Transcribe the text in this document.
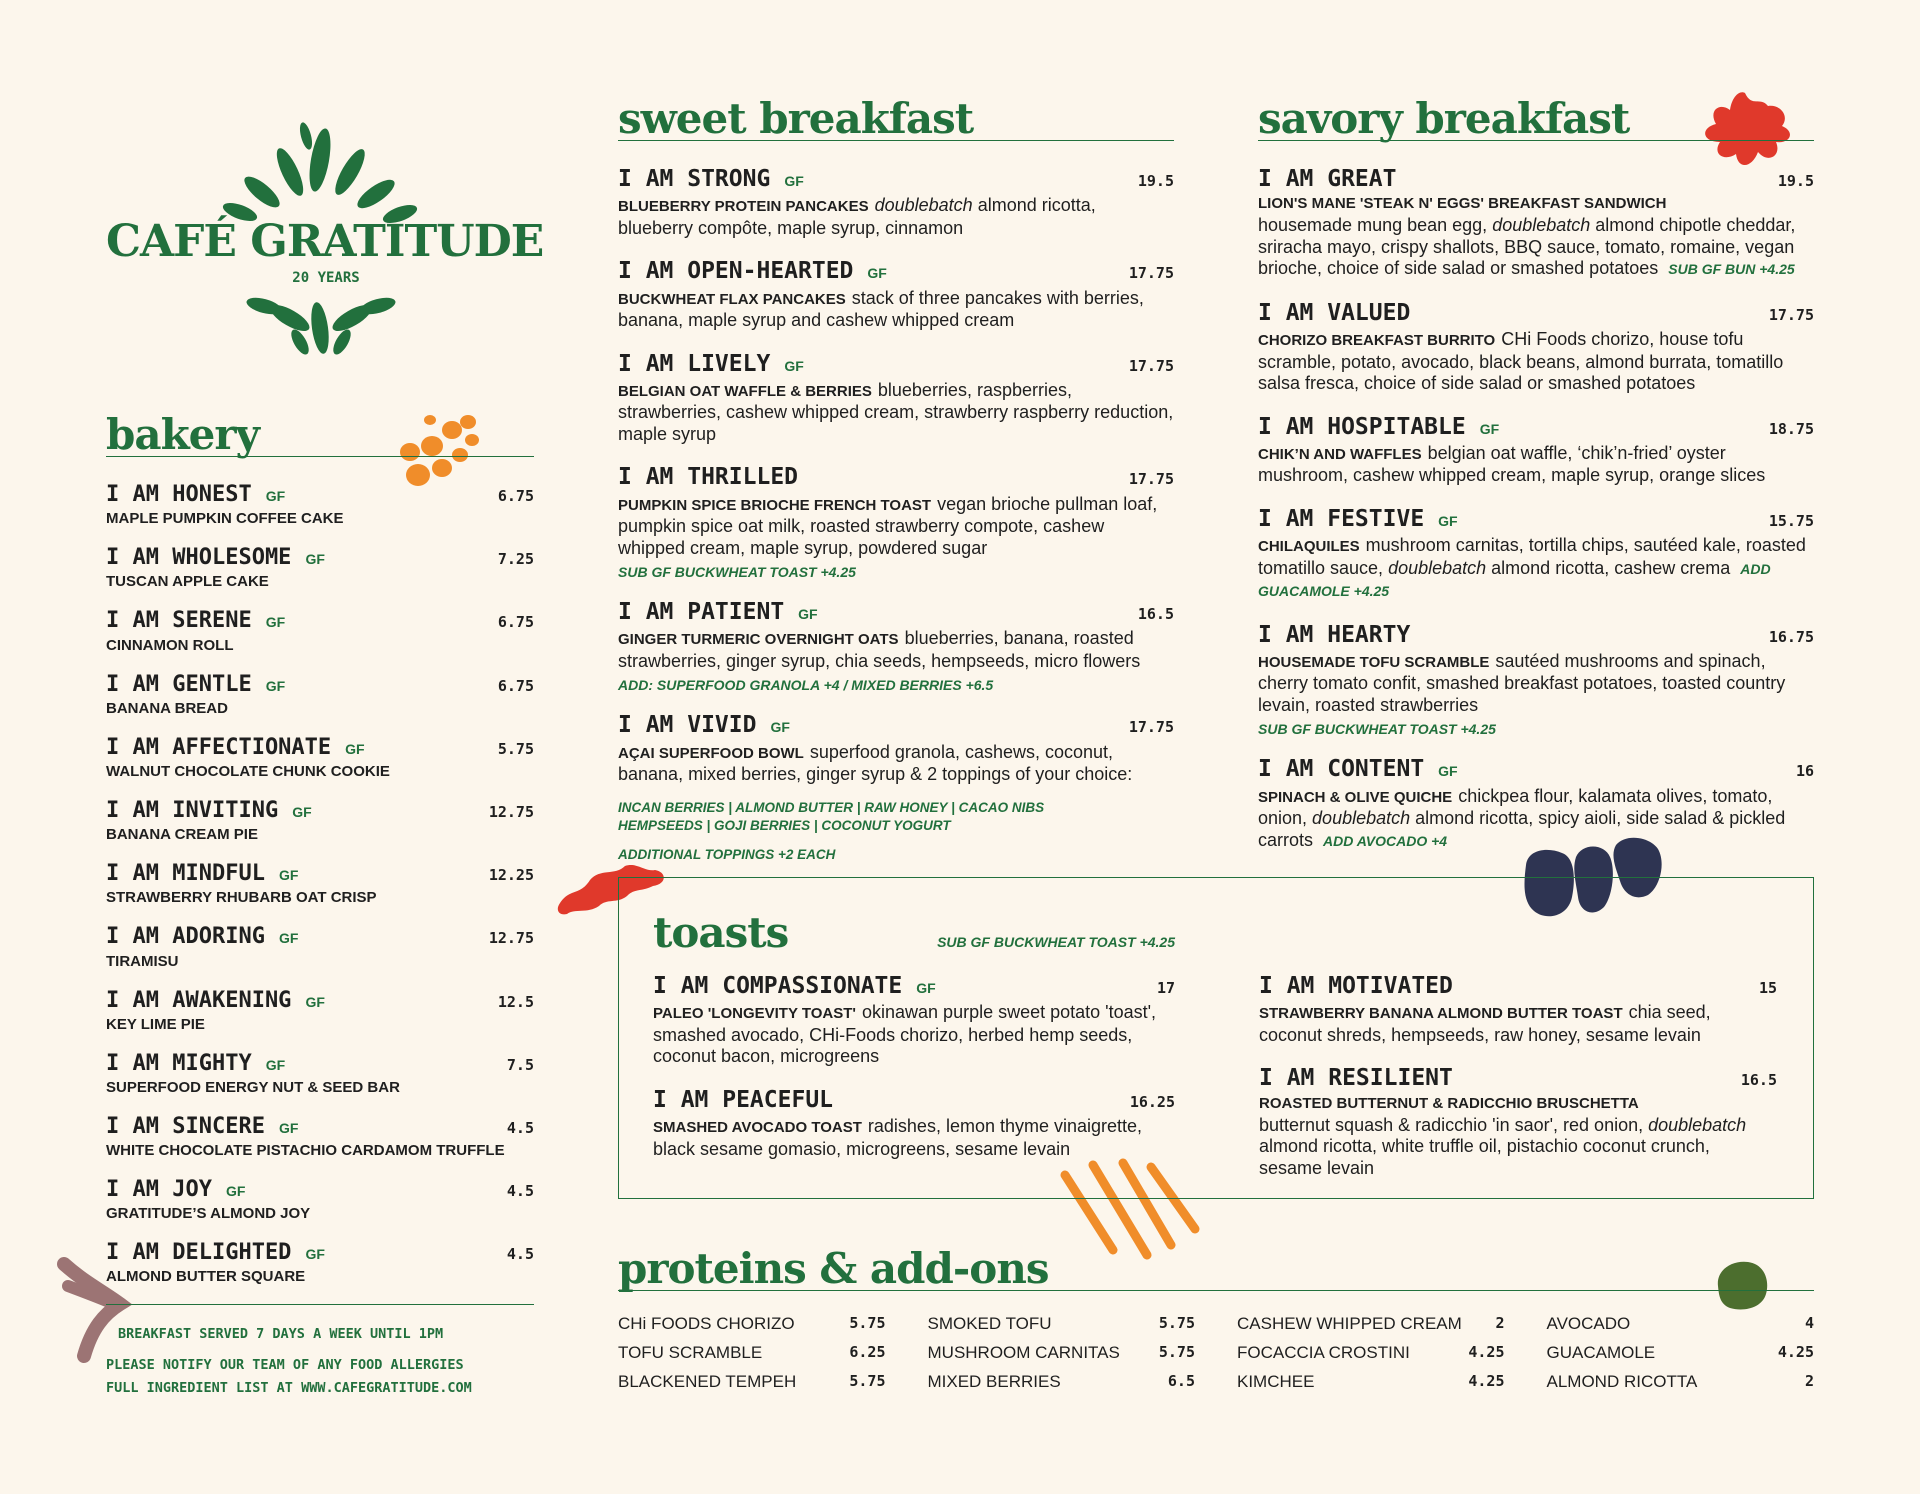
CAFÉ GRATITUDE
20 YEARS
bakery
I AM HONEST GF	6.75
MAPLE PUMPKIN COFFEE CAKE
I AM WHOLESOME GF	7.25
TUSCAN APPLE CAKE
I AM SERENE GF	6.75
CINNAMON ROLL
I AM GENTLE GF	6.75
BANANA BREAD
I AM AFFECTIONATE GF	5.75
WALNUT CHOCOLATE CHUNK COOKIE
I AM INVITING GF	12.75
BANANA CREAM PIE
I AM MINDFUL GF	12.25
STRAWBERRY RHUBARB OAT CRISP
I AM ADORING GF	12.75
TIRAMISU
I AM AWAKENING GF	12.5
KEY LIME PIE
I AM MIGHTY GF	7.5
SUPERFOOD ENERGY NUT & SEED BAR
I AM SINCERE GF	4.5
WHITE CHOCOLATE PISTACHIO CARDAMOM TRUFFLE
I AM JOY GF	4.5
GRATITUDE’S ALMOND JOY
I AM DELIGHTED GF	4.5
ALMOND BUTTER SQUARE
BREAKFAST SERVED 7 DAYS A WEEK UNTIL 1PM
PLEASE NOTIFY OUR TEAM OF ANY FOOD ALLERGIES
FULL INGREDIENT LIST AT WWW.CAFEGRATITUDE.COM
sweet breakfast
I AM STRONG GF	19.5
BLUEBERRY PROTEIN PANCAKES doublebatch almond ricotta, blueberry compôte, maple syrup, cinnamon
I AM OPEN-HEARTED GF	17.75
BUCKWHEAT FLAX PANCAKES stack of three pancakes with berries, banana, maple syrup and cashew whipped cream
I AM LIVELY GF	17.75
BELGIAN OAT WAFFLE & BERRIES blueberries, raspberries, strawberries, cashew whipped cream, strawberry raspberry reduction, maple syrup
I AM THRILLED	17.75
PUMPKIN SPICE BRIOCHE FRENCH TOAST vegan brioche pullman loaf, pumpkin spice oat milk, roasted strawberry compote, cashew whipped cream, maple syrup, powdered sugar
SUB GF BUCKWHEAT TOAST +4.25
I AM PATIENT GF	16.5
GINGER TURMERIC OVERNIGHT OATS blueberries, banana, roasted strawberries, ginger syrup, chia seeds, hempseeds, micro flowers
ADD: SUPERFOOD GRANOLA +4 / MIXED BERRIES +6.5
I AM VIVID GF	17.75
AÇAI SUPERFOOD BOWL superfood granola, cashews, coconut, banana, mixed berries, ginger syrup & 2 toppings of your choice:
INCAN BERRIES | ALMOND BUTTER | RAW HONEY | CACAO NIBS
HEMPSEEDS | GOJI BERRIES | COCONUT YOGURT
ADDITIONAL TOPPINGS +2 EACH
savory breakfast
I AM GREAT	19.5
LION'S MANE 'STEAK N' EGGS' BREAKFAST SANDWICH
housemade mung bean egg, doublebatch almond chipotle cheddar, sriracha mayo, crispy shallots, BBQ sauce, tomato, romaine, vegan brioche, choice of side salad or smashed potatoes SUB GF BUN +4.25
I AM VALUED	17.75
CHORIZO BREAKFAST BURRITO CHi Foods chorizo, house tofu scramble, potato, avocado, black beans, almond burrata, tomatillo salsa fresca, choice of side salad or smashed potatoes
I AM HOSPITABLE GF	18.75
CHIK’N AND WAFFLES belgian oat waffle, ‘chik’n-fried’ oyster mushroom, cashew whipped cream, maple syrup, orange slices
I AM FESTIVE GF	15.75
CHILAQUILES mushroom carnitas, tortilla chips, sautéed kale, roasted tomatillo sauce, doublebatch almond ricotta, cashew crema ADD GUACAMOLE +4.25
I AM HEARTY	16.75
HOUSEMADE TOFU SCRAMBLE sautéed mushrooms and spinach, cherry tomato confit, smashed breakfast potatoes, toasted country levain, roasted strawberries
SUB GF BUCKWHEAT TOAST +4.25
I AM CONTENT GF	16
SPINACH & OLIVE QUICHE chickpea flour, kalamata olives, tomato, onion, doublebatch almond ricotta, spicy aioli, side salad & pickled carrots ADD AVOCADO +4
toasts	SUB GF BUCKWHEAT TOAST +4.25
I AM COMPASSIONATE GF	17
PALEO 'LONGEVITY TOAST' okinawan purple sweet potato 'toast', smashed avocado, CHi-Foods chorizo, herbed hemp seeds, coconut bacon, microgreens
I AM PEACEFUL	16.25
SMASHED AVOCADO TOAST radishes, lemon thyme vinaigrette, black sesame gomasio, microgreens, sesame levain
I AM MOTIVATED	15
STRAWBERRY BANANA ALMOND BUTTER TOAST chia seed, coconut shreds, hempseeds, raw honey, sesame levain
I AM RESILIENT	16.5
ROASTED BUTTERNUT & RADICCHIO BRUSCHETTA
butternut squash & radicchio 'in saor', red onion, doublebatch almond ricotta, white truffle oil, pistachio coconut crunch, sesame levain
proteins & add-ons
CHi FOODS CHORIZO	5.75
TOFU SCRAMBLE	6.25
BLACKENED TEMPEH	5.75
SMOKED TOFU	5.75
MUSHROOM CARNITAS	5.75
MIXED BERRIES	6.5
CASHEW WHIPPED CREAM 2
FOCACCIA CROSTINI	4.25
KIMCHEE	4.25
AVOCADO	4
GUACAMOLE	4.25
ALMOND RICOTTA	2
